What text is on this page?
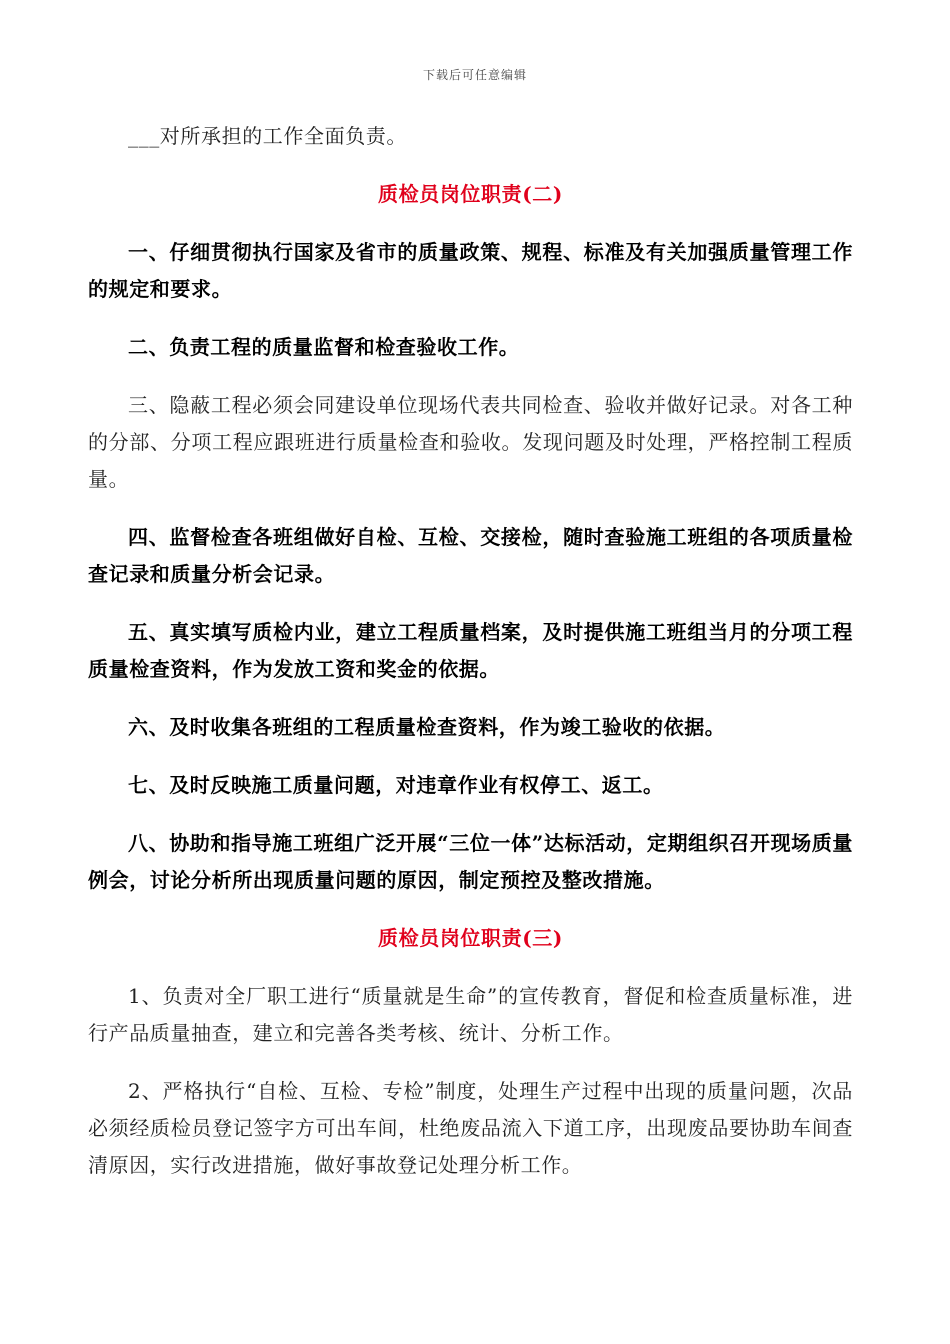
下载后可任意编辑

___对所承担的工作全面负责。

质检员岗位职责(二)

一、仔细贯彻执行国家及省市的质量政策、规程、标准及有关加强质量管理工作的规定和要求。

二、负责工程的质量监督和检查验收工作。

三、隐蔽工程必须会同建设单位现场代表共同检查、验收并做好记录。对各工种的分部、分项工程应跟班进行质量检查和验收。发现问题及时处理，严格控制工程质量。

四、监督检查各班组做好自检、互检、交接检，随时查验施工班组的各项质量检查记录和质量分析会记录。

五、真实填写质检内业，建立工程质量档案，及时提供施工班组当月的分项工程质量检查资料，作为发放工资和奖金的依据。

六、及时收集各班组的工程质量检查资料，作为竣工验收的依据。

七、及时反映施工质量问题，对违章作业有权停工、返工。

八、协助和指导施工班组广泛开展“三位一体”达标活动，定期组织召开现场质量例会，讨论分析所出现质量问题的原因，制定预控及整改措施。

质检员岗位职责(三)

1、负责对全厂职工进行“质量就是生命”的宣传教育，督促和检查质量标准，进行产品质量抽查，建立和完善各类考核、统计、分析工作。

2、严格执行“自检、互检、专检”制度，处理生产过程中出现的质量问题，次品必须经质检员登记签字方可出车间，杜绝废品流入下道工序，出现废品要协助车间查清原因，实行改进措施，做好事故登记处理分析工作。
